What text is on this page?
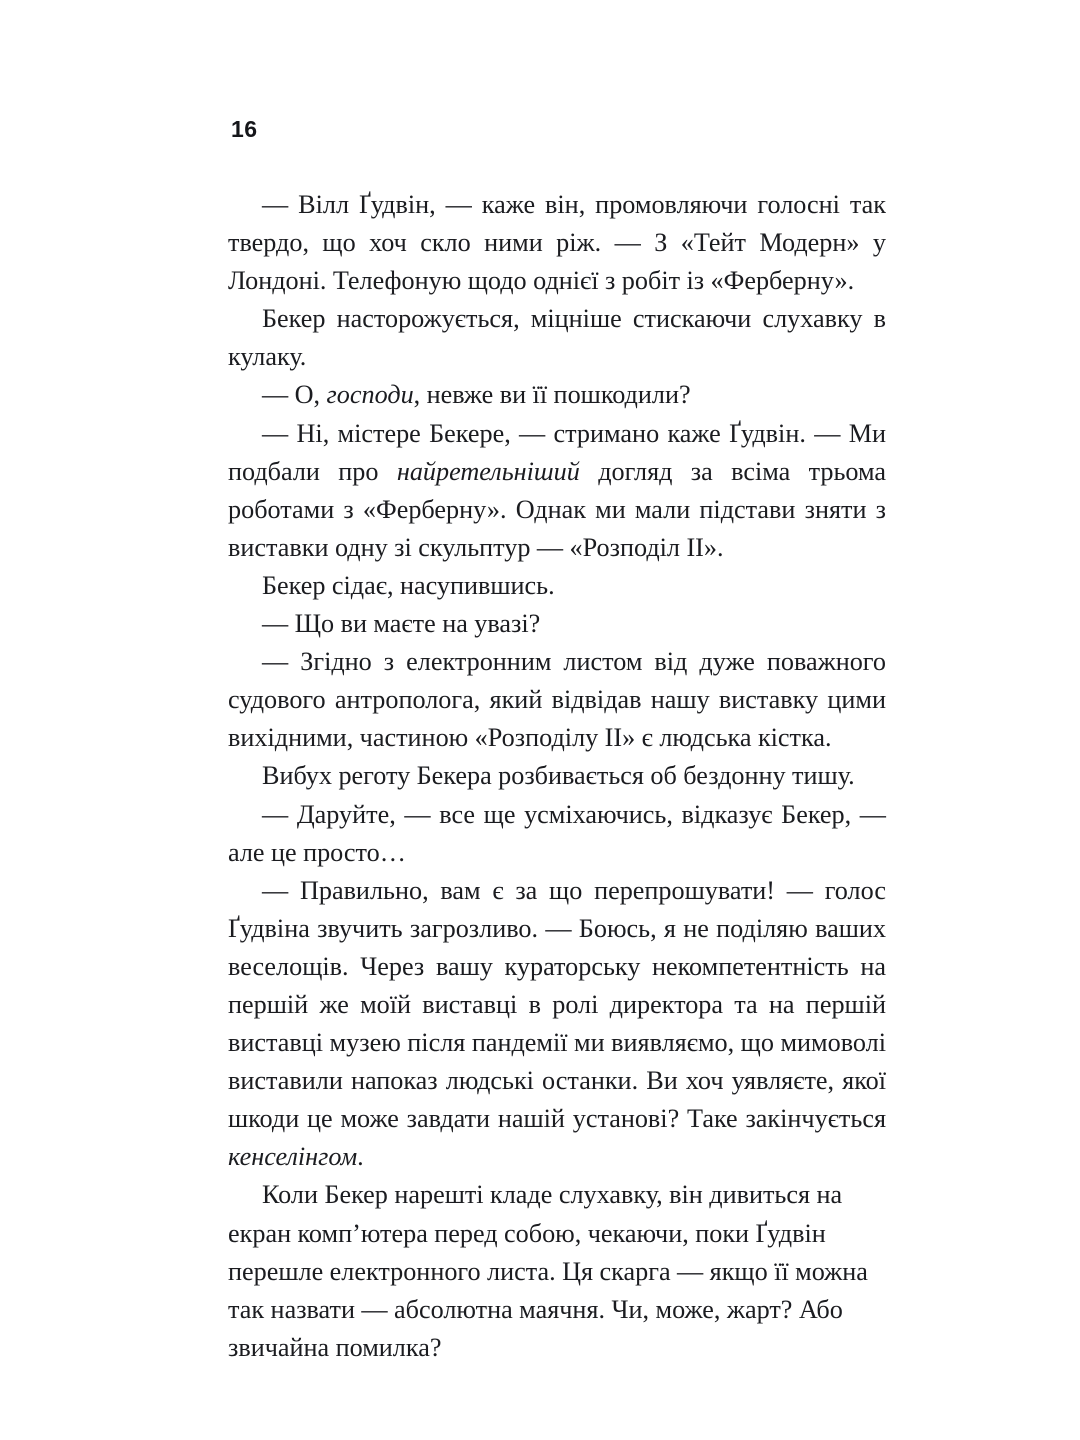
16

— Вілл Ґудвін, — каже він, промовляючи голосні так твердо, що хоч скло ними ріж. — З «Тейт Модерн» у Лондоні. Телефоную щодо однієї з робіт із «Ферберну».

Бекер насторожується, міцніше стискаючи слухавку в кулаку.

— О, господи, невже ви її пошкодили?

— Ні, містере Бекере, — стримано каже Ґудвін. — Ми подбали про найретельніший догляд за всіма трьома роботами з «Ферберну». Однак ми мали підстави зняти з виставки одну зі скульптур — «Розподіл II».

Бекер сідає, насупившись.

— Що ви маєте на увазі?

— Згідно з електронним листом від дуже поважного судового антрополога, який відвідав нашу виставку цими вихідними, частиною «Розподілу II» є людська кістка.

Вибух реготу Бекера розбивається об бездонну тишу.

— Даруйте, — все ще усміхаючись, відказує Бекер, — але це просто…

— Правильно, вам є за що перепрошувати! — голос Ґудвіна звучить загрозливо. — Боюсь, я не поділяю ваших веселощів. Через вашу кураторську некомпетентність на першій же моїй виставці в ролі директора та на першій виставці музею після пандемії ми виявляємо, що мимоволі виставили напоказ людські останки. Ви хоч уявляєте, якої шкоди це може завдати нашій установі? Таке закінчується кенселінгом.

Коли Бекер нарешті кладе слухавку, він дивиться на екран компʼютера перед собою, чекаючи, поки Ґудвін перешле електронного листа. Ця скарга — якщо її можна так назвати — абсолютна маячня. Чи, може, жарт? Або звичайна помилка?
